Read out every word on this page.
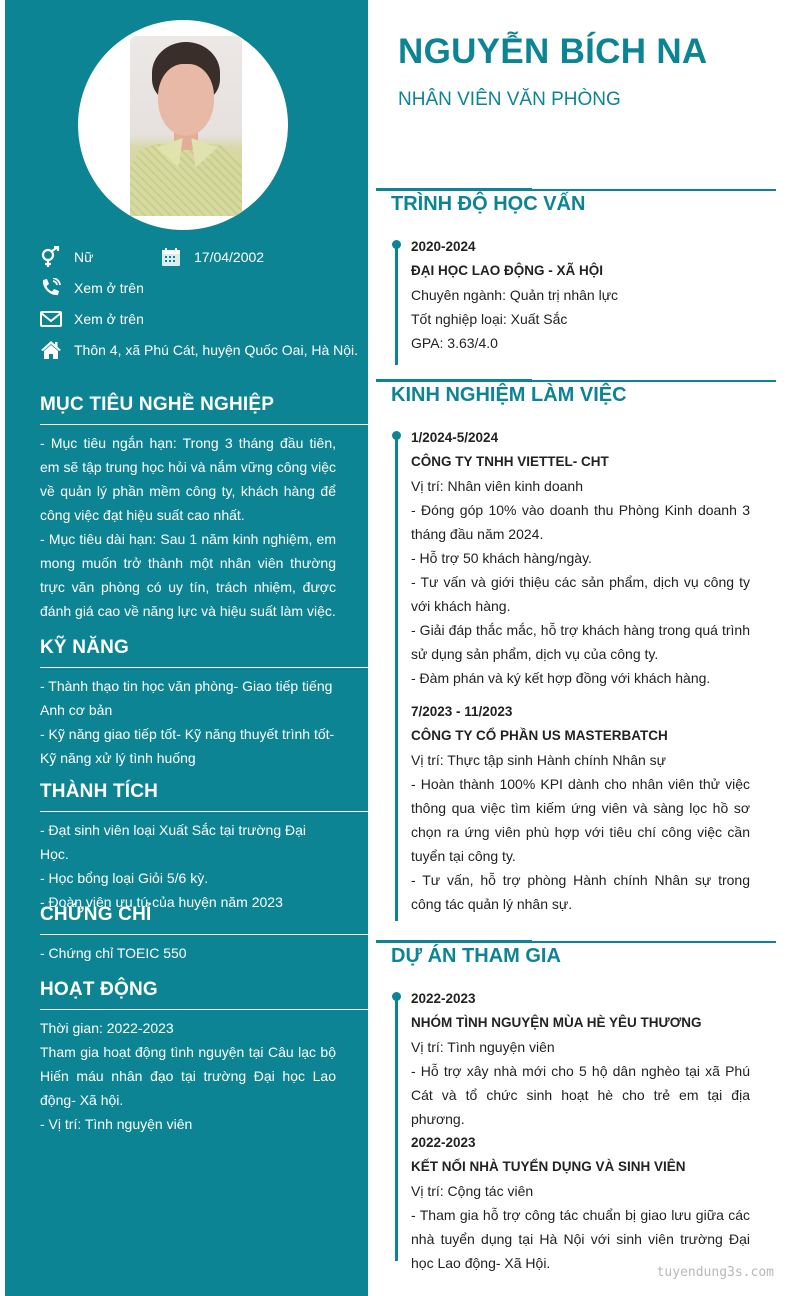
Nữ	17/04/2002
Xem ở trên
Xem ở trên
Thôn 4, xã Phú Cát, huyện Quốc Oai, Hà Nội.
MỤC TIÊU NGHỀ NGHIỆP

- Mục tiêu ngắn hạn: Trong 3 tháng đầu tiên, em sẽ tập trung học hỏi và nắm vững công việc về quản lý phần mềm công ty, khách hàng để công việc đạt hiệu suất cao nhất.

- Mục tiêu dài hạn: Sau 1 năm kinh nghiệm, em mong muốn trở thành một nhân viên thường trực văn phòng có uy tín, trách nhiệm, được đánh giá cao về năng lực và hiệu suất làm việc.

KỸ NĂNG

- Thành thạo tin học văn phòng- Giao tiếp tiếng Anh cơ bản

- Kỹ năng giao tiếp tốt- Kỹ năng thuyết trình tốt- Kỹ năng xử lý tình huống

THÀNH TÍCH

- Đạt sinh viên loại Xuất Sắc tại trường Đại Học.

- Học bổng loại Giỏi 5/6 kỳ.

- Đoàn viên ưu tú của huyện năm 2023

CHỨNG CHỈ

- Chứng chỉ TOEIC 550

HOẠT ĐỘNG

Thời gian: 2022-2023

Tham gia hoạt động tình nguyện tại Câu lạc bộ Hiến máu nhân đạo tại trường Đại học Lao động- Xã hội.

- Vị trí: Tình nguyện viên

NGUYỄN BÍCH NA
NHÂN VIÊN VĂN PHÒNG
TRÌNH ĐỘ HỌC VẤN
2020-2024
ĐẠI HỌC LAO ĐỘNG - XÃ HỘI

Chuyên ngành: Quản trị nhân lực

Tốt nghiệp loại: Xuất Sắc

GPA: 3.63/4.0

KINH NGHIỆM LÀM VIỆC
1/2024-5/2024
CÔNG TY TNHH VIETTEL- CHT

Vị trí: Nhân viên kinh doanh

- Đóng góp 10% vào doanh thu Phòng Kinh doanh 3 tháng đầu năm 2024.

- Hỗ trợ 50 khách hàng/ngày.

- Tư vấn và giới thiệu các sản phẩm, dịch vụ công ty với khách hàng.

- Giải đáp thắc mắc, hỗ trợ khách hàng trong quá trình sử dụng sản phẩm, dịch vụ của công ty.

- Đàm phán và ký kết hợp đồng với khách hàng.

7/2023 - 11/2023
CÔNG TY CỔ PHẦN US MASTERBATCH

Vị trí: Thực tập sinh Hành chính Nhân sự

- Hoàn thành 100% KPI dành cho nhân viên thử việc thông qua việc tìm kiếm ứng viên và sàng lọc hồ sơ chọn ra ứng viên phù hợp với tiêu chí công việc cần tuyển tại công ty.

- Tư vấn, hỗ trợ phòng Hành chính Nhân sự trong công tác quản lý nhân sự.

DỰ ÁN THAM GIA
2022-2023
NHÓM TÌNH NGUYỆN MÙA HÈ YÊU THƯƠNG

Vị trí: Tình nguyện viên

- Hỗ trợ xây nhà mới cho 5 hộ dân nghèo tại xã Phú Cát và tổ chức sinh hoạt hè cho trẻ em tại địa phương.

2022-2023
KẾT NỐI NHÀ TUYỂN DỤNG VÀ SINH VIÊN

Vị trí: Cộng tác viên

- Tham gia hỗ trợ công tác chuẩn bị giao lưu giữa các nhà tuyển dụng tại Hà Nội với sinh viên trường Đại học Lao động- Xã Hội.

tuyendung3s.com
